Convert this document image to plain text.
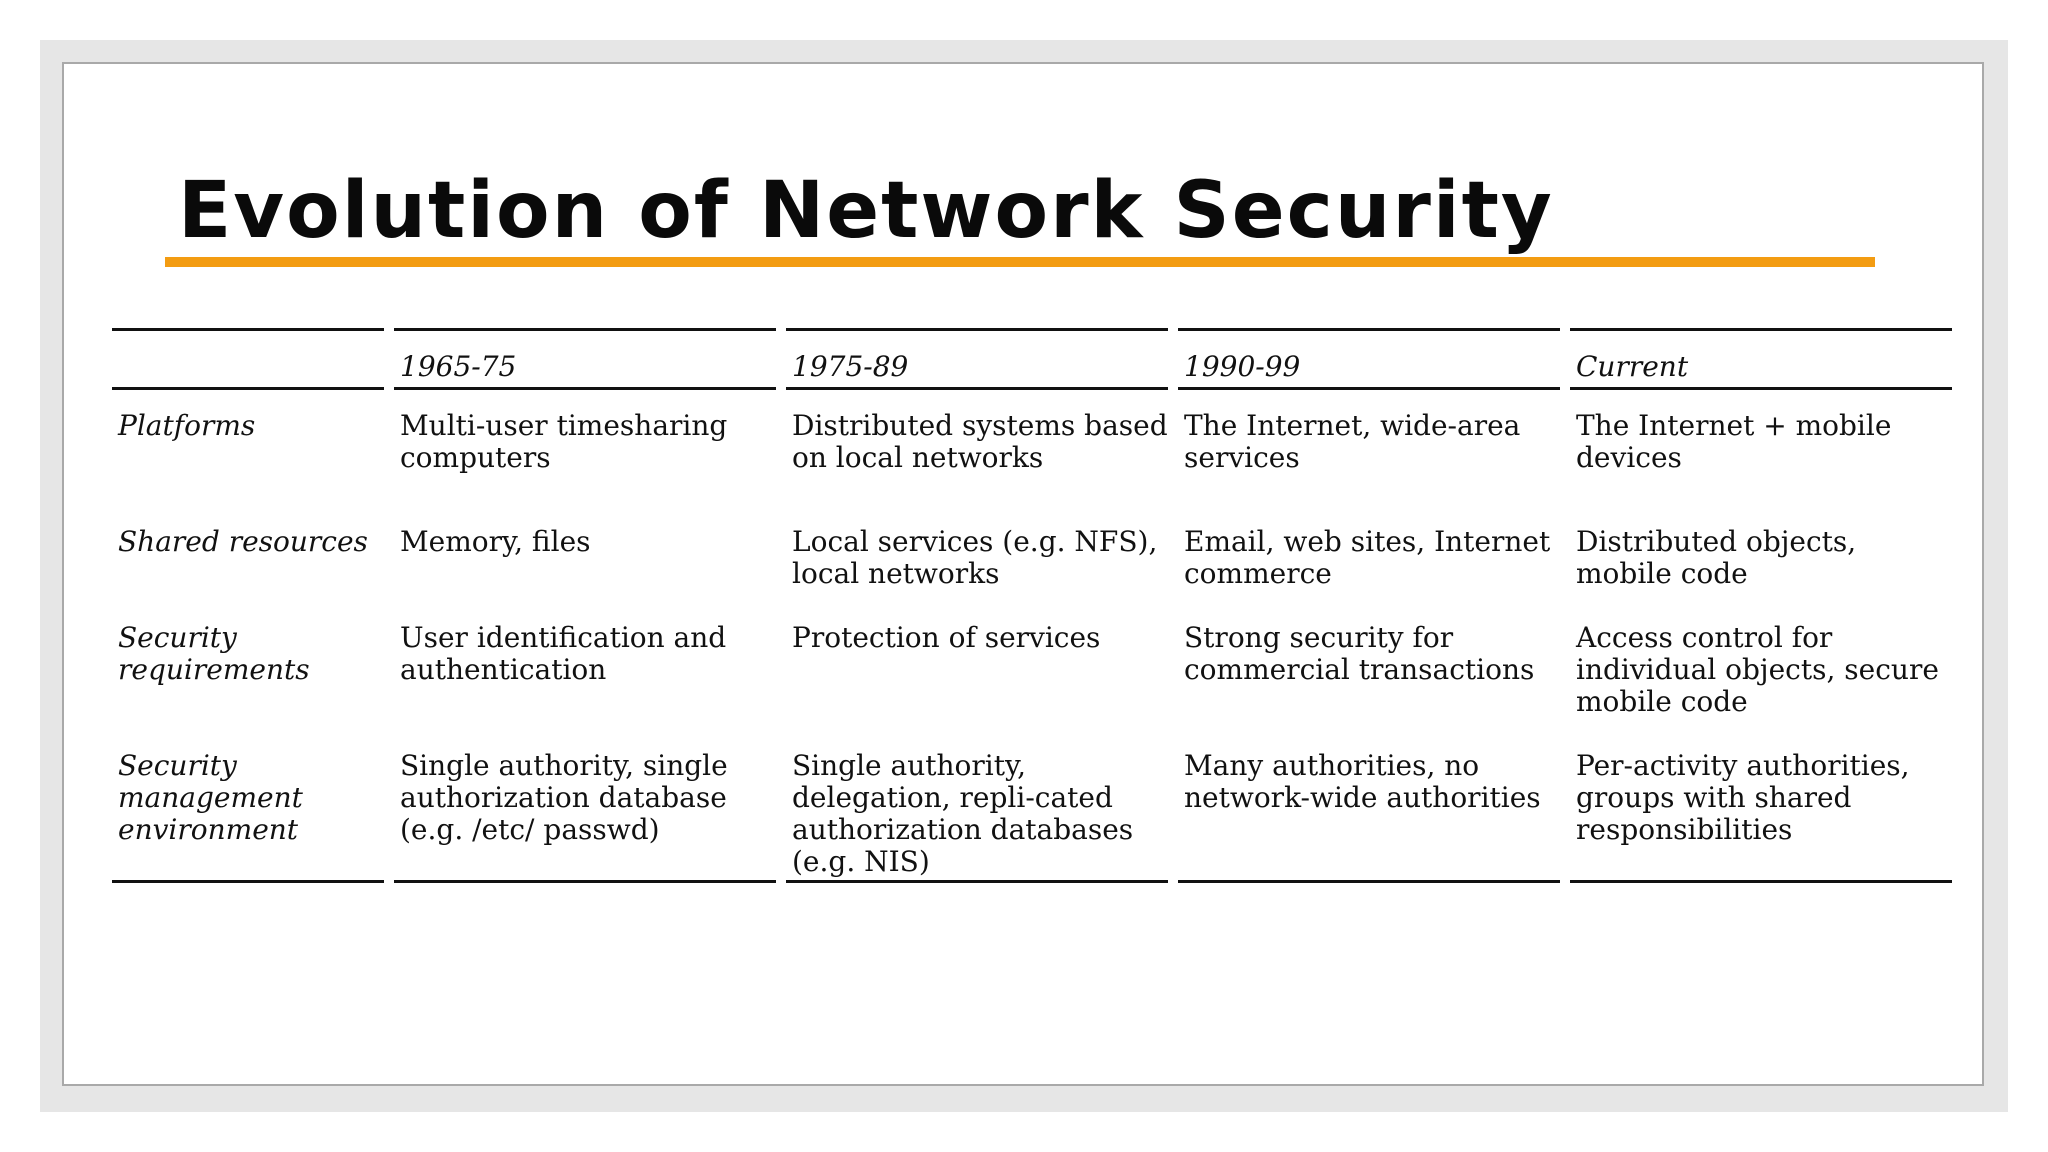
Evolution of Network Security
	1965-75	1975-89	1990-99	Current
Platforms	Multi-user timesharing computers	Distributed systems based on local networks	The Internet, wide-area services	The Internet + mobile devices
Shared resources	Memory, files	Local services (e.g. NFS), local networks	Email, web sites, Internet commerce	Distributed objects, mobile code
Security requirements	User identification and authentication	Protection of services	Strong security for commercial transactions	Access control for individual objects, secure mobile code
Security management environment	Single authority, single authorization database (e.g. /etc/ passwd)	Single authority, delegation, repli-cated authorization databases (e.g. NIS)	Many authorities, no network-wide authorities	Per-activity authorities, groups with shared responsibilities
